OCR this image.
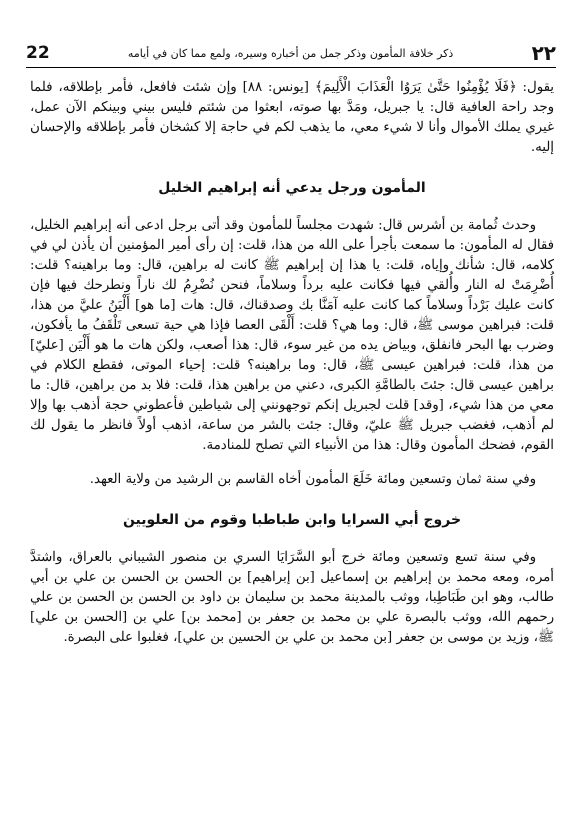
٢٢
ذكر خلافة المأمون وذكر جمل من أخباره وسيره، ولمع مما كان في أيامه
22

يقول: ﴿فَلَا يُؤْمِنُوا حَتَّىٰ يَرَوُا الْعَذَابَ الْأَلِيمَ﴾ [يونس: ٨٨] وإن شئت فافعل، فأمر بإطلاقه، فلما وجد راحة العافية قال: يا جبريل، ومَدَّ بها صوته، ابعثوا من شئتم فليس بيني وبينكم الآن عمل، غيري يملك الأموال وأنا لا شيء معي، ما يذهب لكم في حاجة إلا كشخان فأمر بإطلاقه والإحسان إليه.

المأمون ورجل يدعي أنه إبراهيم الخليل

وحدث ثُمامة بن أشرس قال: شهدت مجلساً للمأمون وقد أتى برجل ادعى أنه إبراهيم الخليل، فقال له المأمون: ما سمعت بأجرأ على الله من هذا، قلت: إن رأى أمير المؤمنين أن يأذن لي في كلامه، قال: شأنك وإياه، قلت: يا هذا إن إبراهيم ﷺ كانت له براهين، قال: وما براهينه؟ قلت: أُضْرِمَتْ له النار وأُلقي فيها فكانت عليه برداً وسلاماً، فنحن نُضْرِمُ لك ناراً ونطرحك فيها فإن كانت عليك بَرْداً وسلاماً كما كانت عليه آمَنَّا بك وصدقناك، قال: هات [ما هو] أَلْيَنُ عليَّ من هذا، قلت: فبراهين موسى ﷺ، قال: وما هي؟ قلت: أَلْقَى العصا فإذا هي حية تسعى تَلْقَفُ ما يأفكون، وضرب بها البحر فانفلق، وبياض يده من غير سوء، قال: هذا أصعب، ولكن هات ما هو أَلْيَن [عليّ] من هذا، قلت: فبراهين عيسى ﷺ، قال: وما براهينه؟ قلت: إحياء الموتى، فقطع الكلام في براهين عيسى قال: جئتَ بالطامَّةِ الكبرى، دعني من براهين هذا، قلت: فلا بد من براهين، قال: ما معي من هذا شيء، [وقد] قلت لجبريل إنكم توجهونني إلى شياطين فأعطوني حجة أذهب بها وإلا لم أذهب، فغضب جبريل ﷺ عليّ، وقال: جئت بالشر من ساعة، اذهب أولاً فانظر ما يقول لك القوم، فضحك المأمون وقال: هذا من الأنبياء التي تصلح للمنادمة.

وفي سنة ثمان وتسعين ومائة خَلَعَ المأمون أخاه القاسم بن الرشيد من ولاية العهد.

خروج أبي السرايا وابن طباطبا وقوم من العلويين

وفي سنة تسع وتسعين ومائة خرج أبو السَّرَايَا السري بن منصور الشيباني بالعراق، واشتدَّ أمره، ومعه محمد بن إبراهيم بن إسماعيل [بن إبراهيم] بن الحسن بن الحسن بن علي بن أبي طالب، وهو ابن طَبَاطِبا، ووثب بالمدينة محمد بن سليمان بن داود بن الحسن بن الحسن بن علي رحمهم الله، ووثب بالبصرة علي بن محمد بن جعفر بن [محمد بن] علي بن [الحسن بن علي] ﷺ، وزيد بن موسى بن جعفر [بن محمد بن علي بن الحسين بن علي]، فغلبوا على البصرة.
